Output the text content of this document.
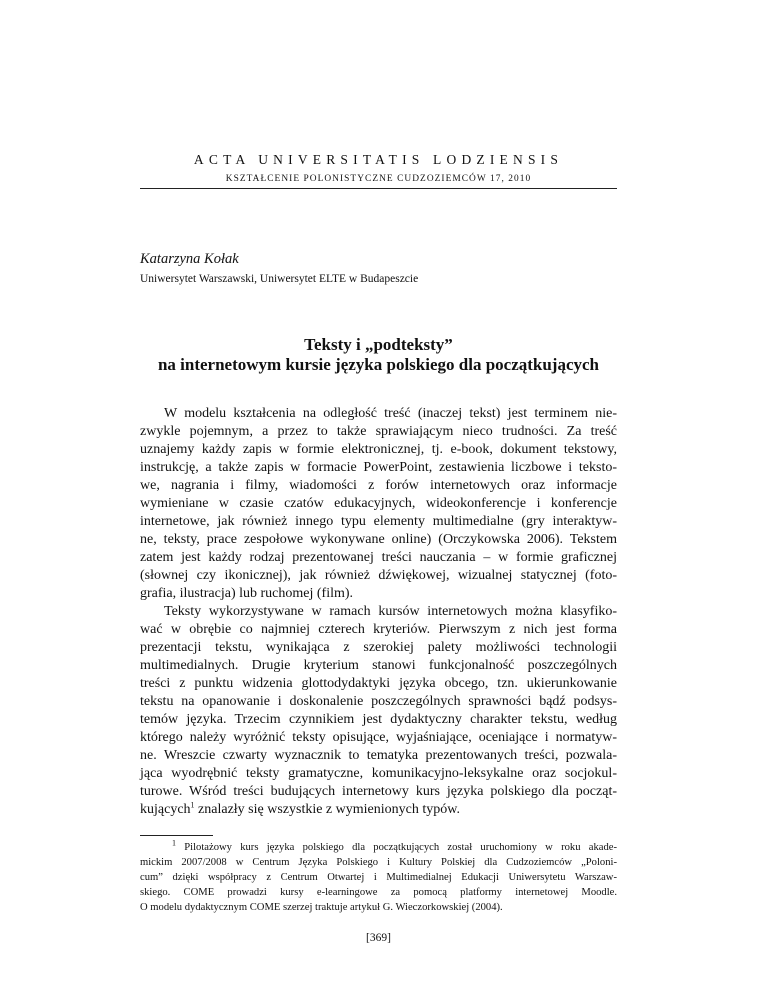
ACTA UNIVERSITATIS LODZIENSIS
KSZTAŁCENIE POLONISTYCZNE CUDZOZIEMCÓW 17, 2010
Katarzyna Kołak
Uniwersytet Warszawski, Uniwersytet ELTE w Budapeszcie
Teksty i „podteksty”
na internetowym kursie języka polskiego dla początkujących
W modelu kształcenia na odległość treść (inaczej tekst) jest terminem nie-
zwykle pojemnym, a przez to także sprawiającym nieco trudności. Za treść
uznajemy każdy zapis w formie elektronicznej, tj. e-book, dokument tekstowy,
instrukcję, a także zapis w formacie PowerPoint, zestawienia liczbowe i teksto-
we, nagrania i filmy, wiadomości z forów internetowych oraz informacje
wymieniane w czasie czatów edukacyjnych, wideokonferencje i konferencje
internetowe, jak również innego typu elementy multimedialne (gry interaktyw-
ne, teksty, prace zespołowe wykonywane online) (Orczykowska 2006). Tekstem
zatem jest każdy rodzaj prezentowanej treści nauczania – w formie graficznej
(słownej czy ikonicznej), jak również dźwiękowej, wizualnej statycznej (foto-
grafia, ilustracja) lub ruchomej (film).
Teksty wykorzystywane w ramach kursów internetowych można klasyfiko-
wać w obrębie co najmniej czterech kryteriów. Pierwszym z nich jest forma
prezentacji tekstu, wynikająca z szerokiej palety możliwości technologii
multimedialnych. Drugie kryterium stanowi funkcjonalność poszczególnych
treści z punktu widzenia glottodydaktyki języka obcego, tzn. ukierunkowanie
tekstu na opanowanie i doskonalenie poszczególnych sprawności bądź podsys-
temów języka. Trzecim czynnikiem jest dydaktyczny charakter tekstu, według
którego należy wyróżnić teksty opisujące, wyjaśniające, oceniające i normatyw-
ne. Wreszcie czwarty wyznacznik to tematyka prezentowanych treści, pozwala-
jąca wyodrębnić teksty gramatyczne, komunikacyjno-leksykalne oraz socjokul-
turowe. Wśród treści budujących internetowy kurs języka polskiego dla począt-
kujących$^1$ znalazły się wszystkie z wymienionych typów.
$^1$ Pilotażowy kurs języka polskiego dla początkujących został uruchomiony w roku akade-
mickim 2007/2008 w Centrum Języka Polskiego i Kultury Polskiej dla Cudzoziemców „Poloni-
cum” dzięki współpracy z Centrum Otwartej i Multimedialnej Edukacji Uniwersytetu Warszaw-
skiego. COME prowadzi kursy e-learningowe za pomocą platformy internetowej Moodle.
O modelu dydaktycznym COME szerzej traktuje artykuł G. Wieczorkowskiej (2004).
[369]
